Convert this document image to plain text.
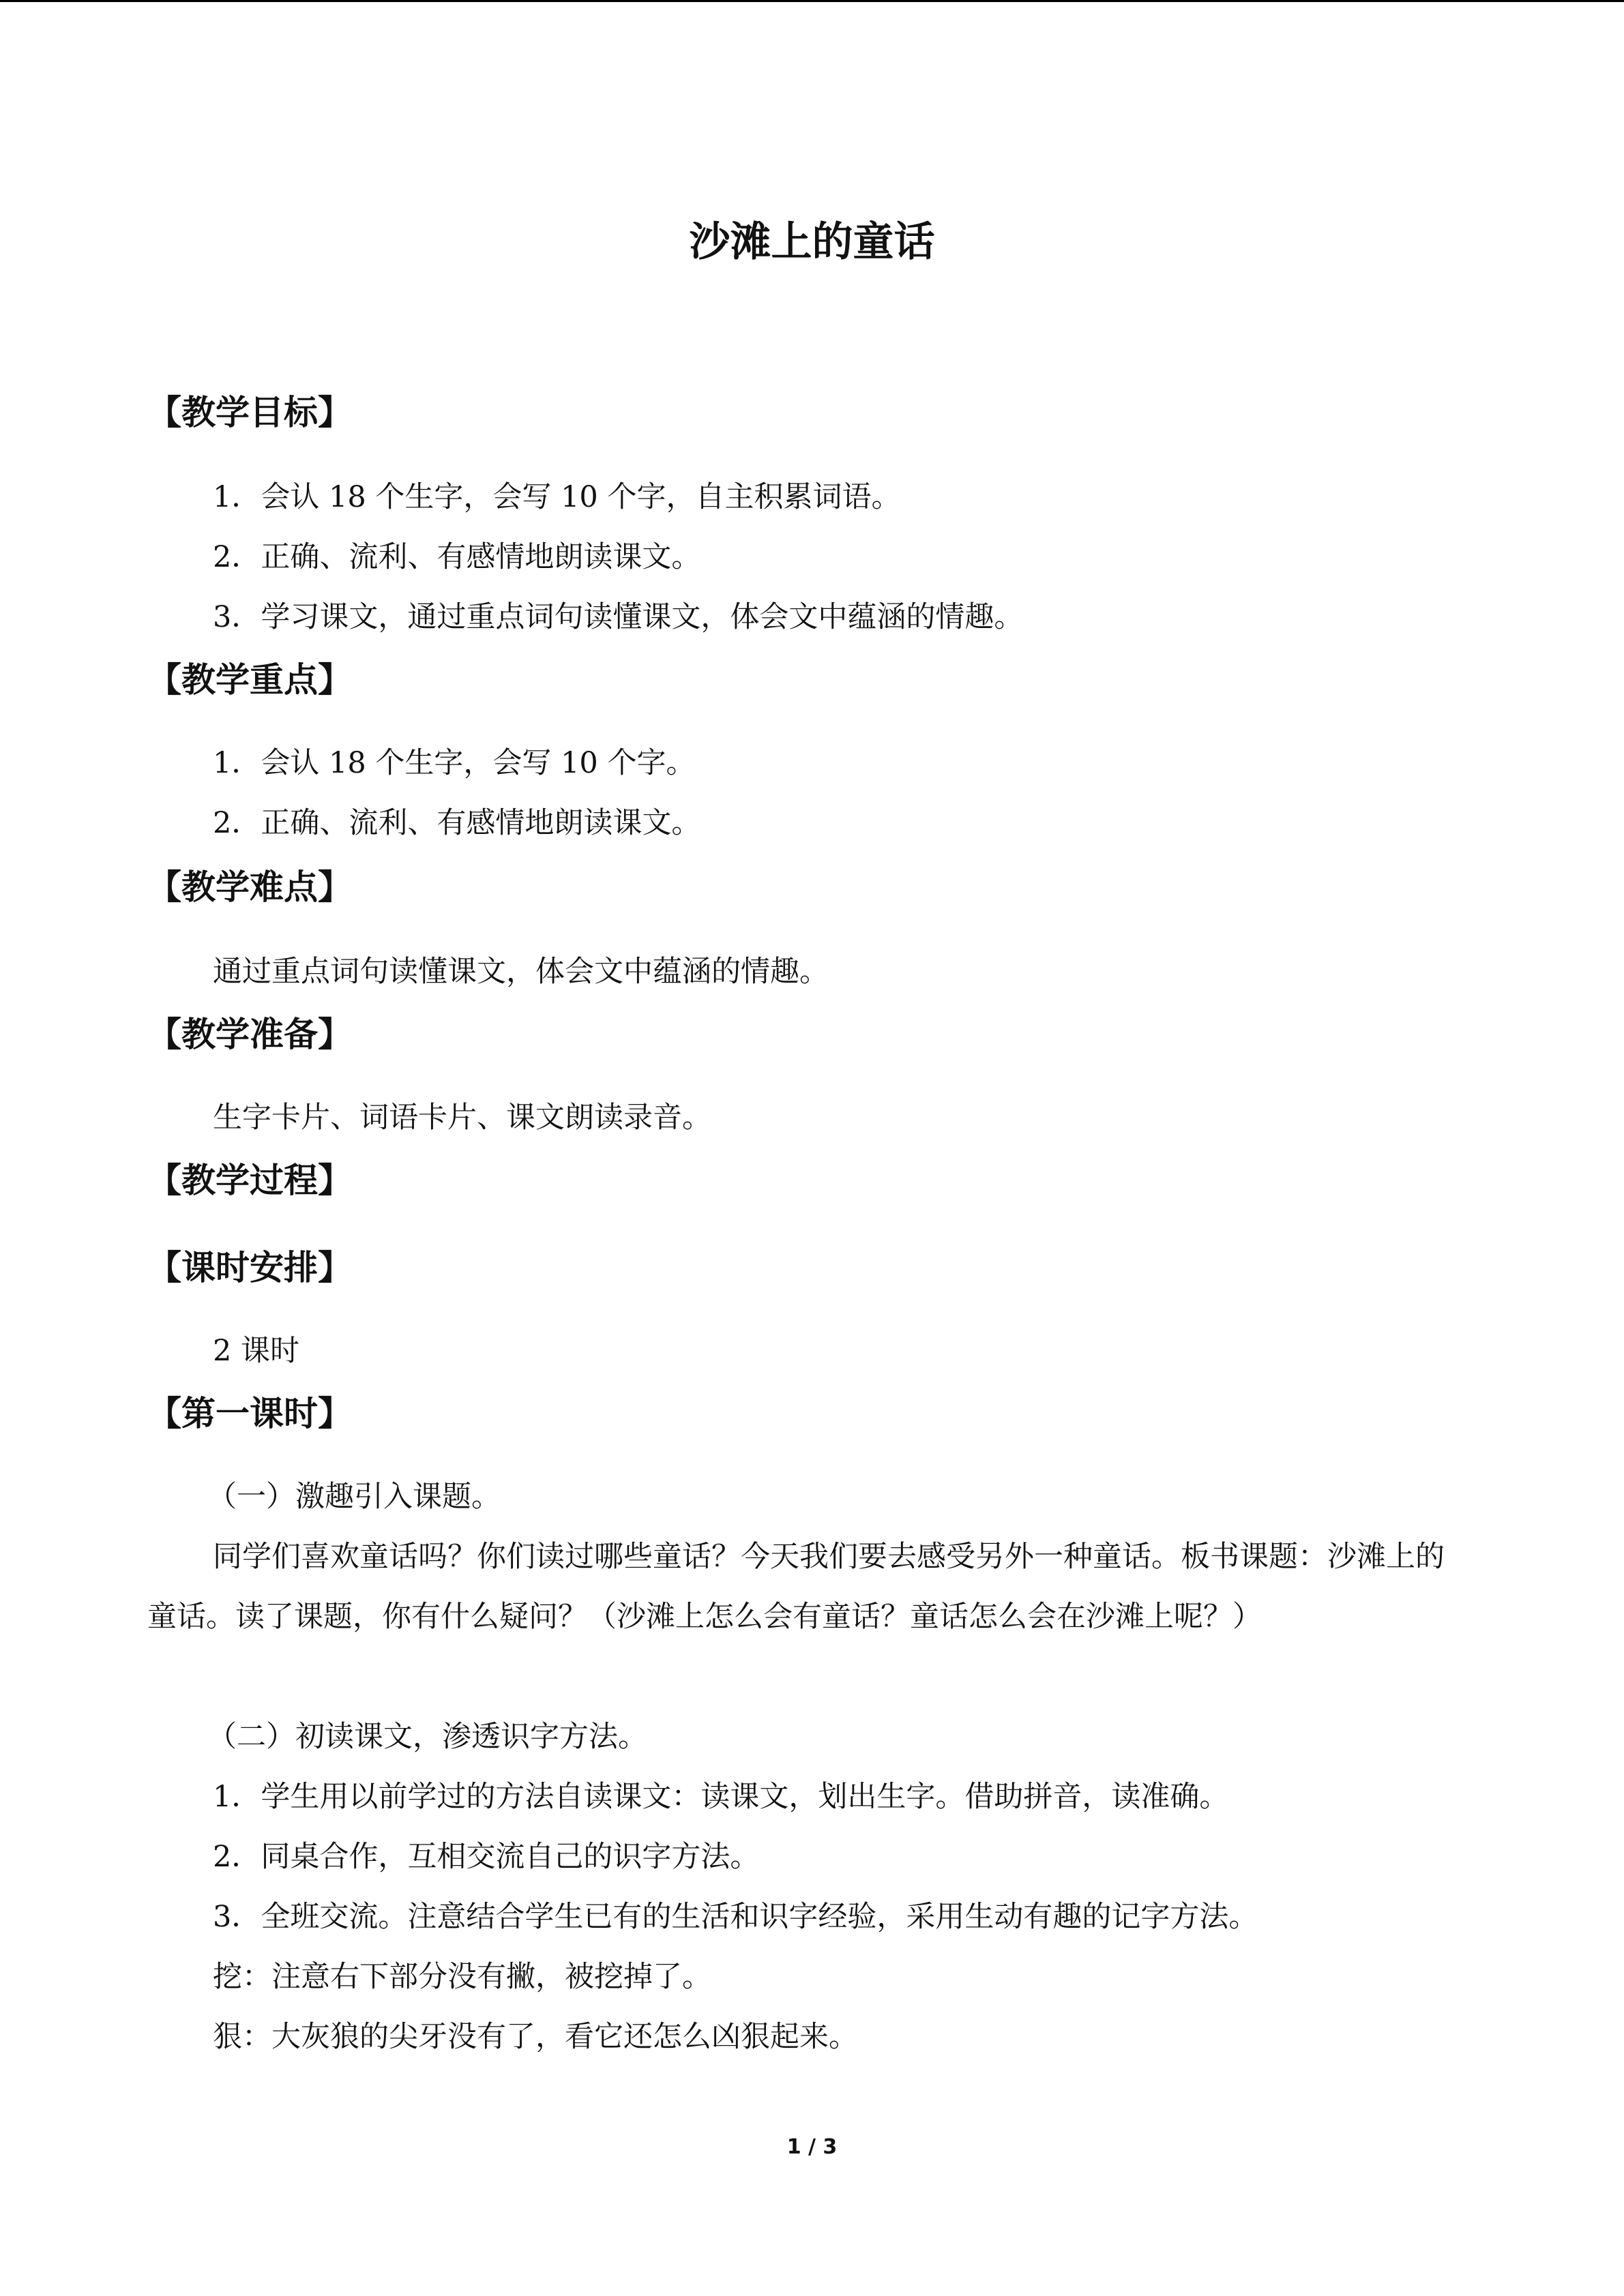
沙滩上的童话
【教学目标】

1．会认 18 个生字，会写 10 个字，自主积累词语。

2．正确、流利、有感情地朗读课文。

3．学习课文，通过重点词句读懂课文，体会文中蕴涵的情趣。

【教学重点】

1．会认 18 个生字，会写 10 个字。

2．正确、流利、有感情地朗读课文。

【教学难点】

通过重点词句读懂课文，体会文中蕴涵的情趣。

【教学准备】

生字卡片、词语卡片、课文朗读录音。

【教学过程】
【课时安排】

2 课时

【第一课时】

（一）激趣引入课题。

同学们喜欢童话吗？你们读过哪些童话？今天我们要去感受另外一种童话。板书课题：沙滩上的童话。读了课题，你有什么疑问？（沙滩上怎么会有童话？童话怎么会在沙滩上呢？）

（二）初读课文，渗透识字方法。

1．学生用以前学过的方法自读课文：读课文，划出生字。借助拼音，读准确。

2．同桌合作，互相交流自己的识字方法。

3．全班交流。注意结合学生已有的生活和识字经验，采用生动有趣的记字方法。

挖：注意右下部分没有撇，被挖掉了。

狠：大灰狼的尖牙没有了，看它还怎么凶狠起来。

1 / 3
